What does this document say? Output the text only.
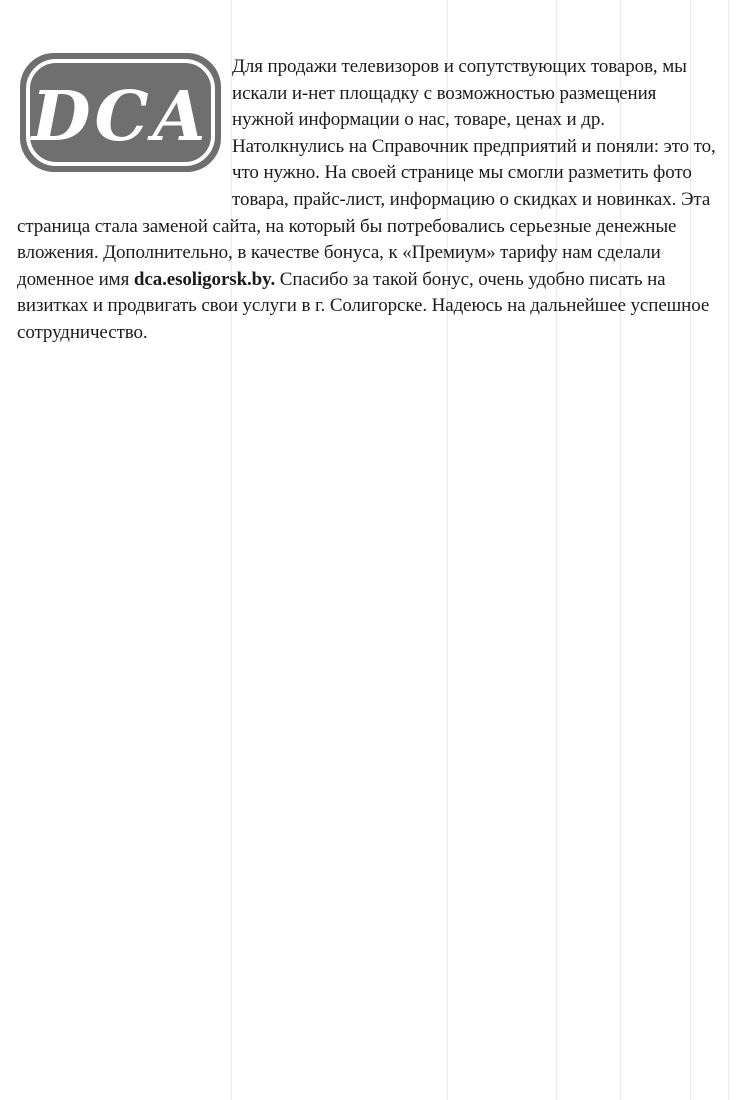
DCA

Для продажи телевизоров и сопутствующих товаров, мы искали и-нет площадку с возможностью размещения нужной информации о нас, товаре, ценах и др.

Натолкнулись на Справочник предприятий и поняли: это то, что нужно. На своей странице мы смогли разметить фото товара, прайс-лист, информацию о скидках и новинках. Эта страница стала заменой сайта, на который бы потребовались серьезные денежные вложения. Дополнительно, в качестве бонуса, к «Премиум» тарифу нам сделали доменное имя dca.esoligorsk.by. Спасибо за такой бонус, очень удобно писать на визитках и продвигать свои услуги в г. Солигорске. Надеюсь на дальнейшее успешное сотрудничество.
